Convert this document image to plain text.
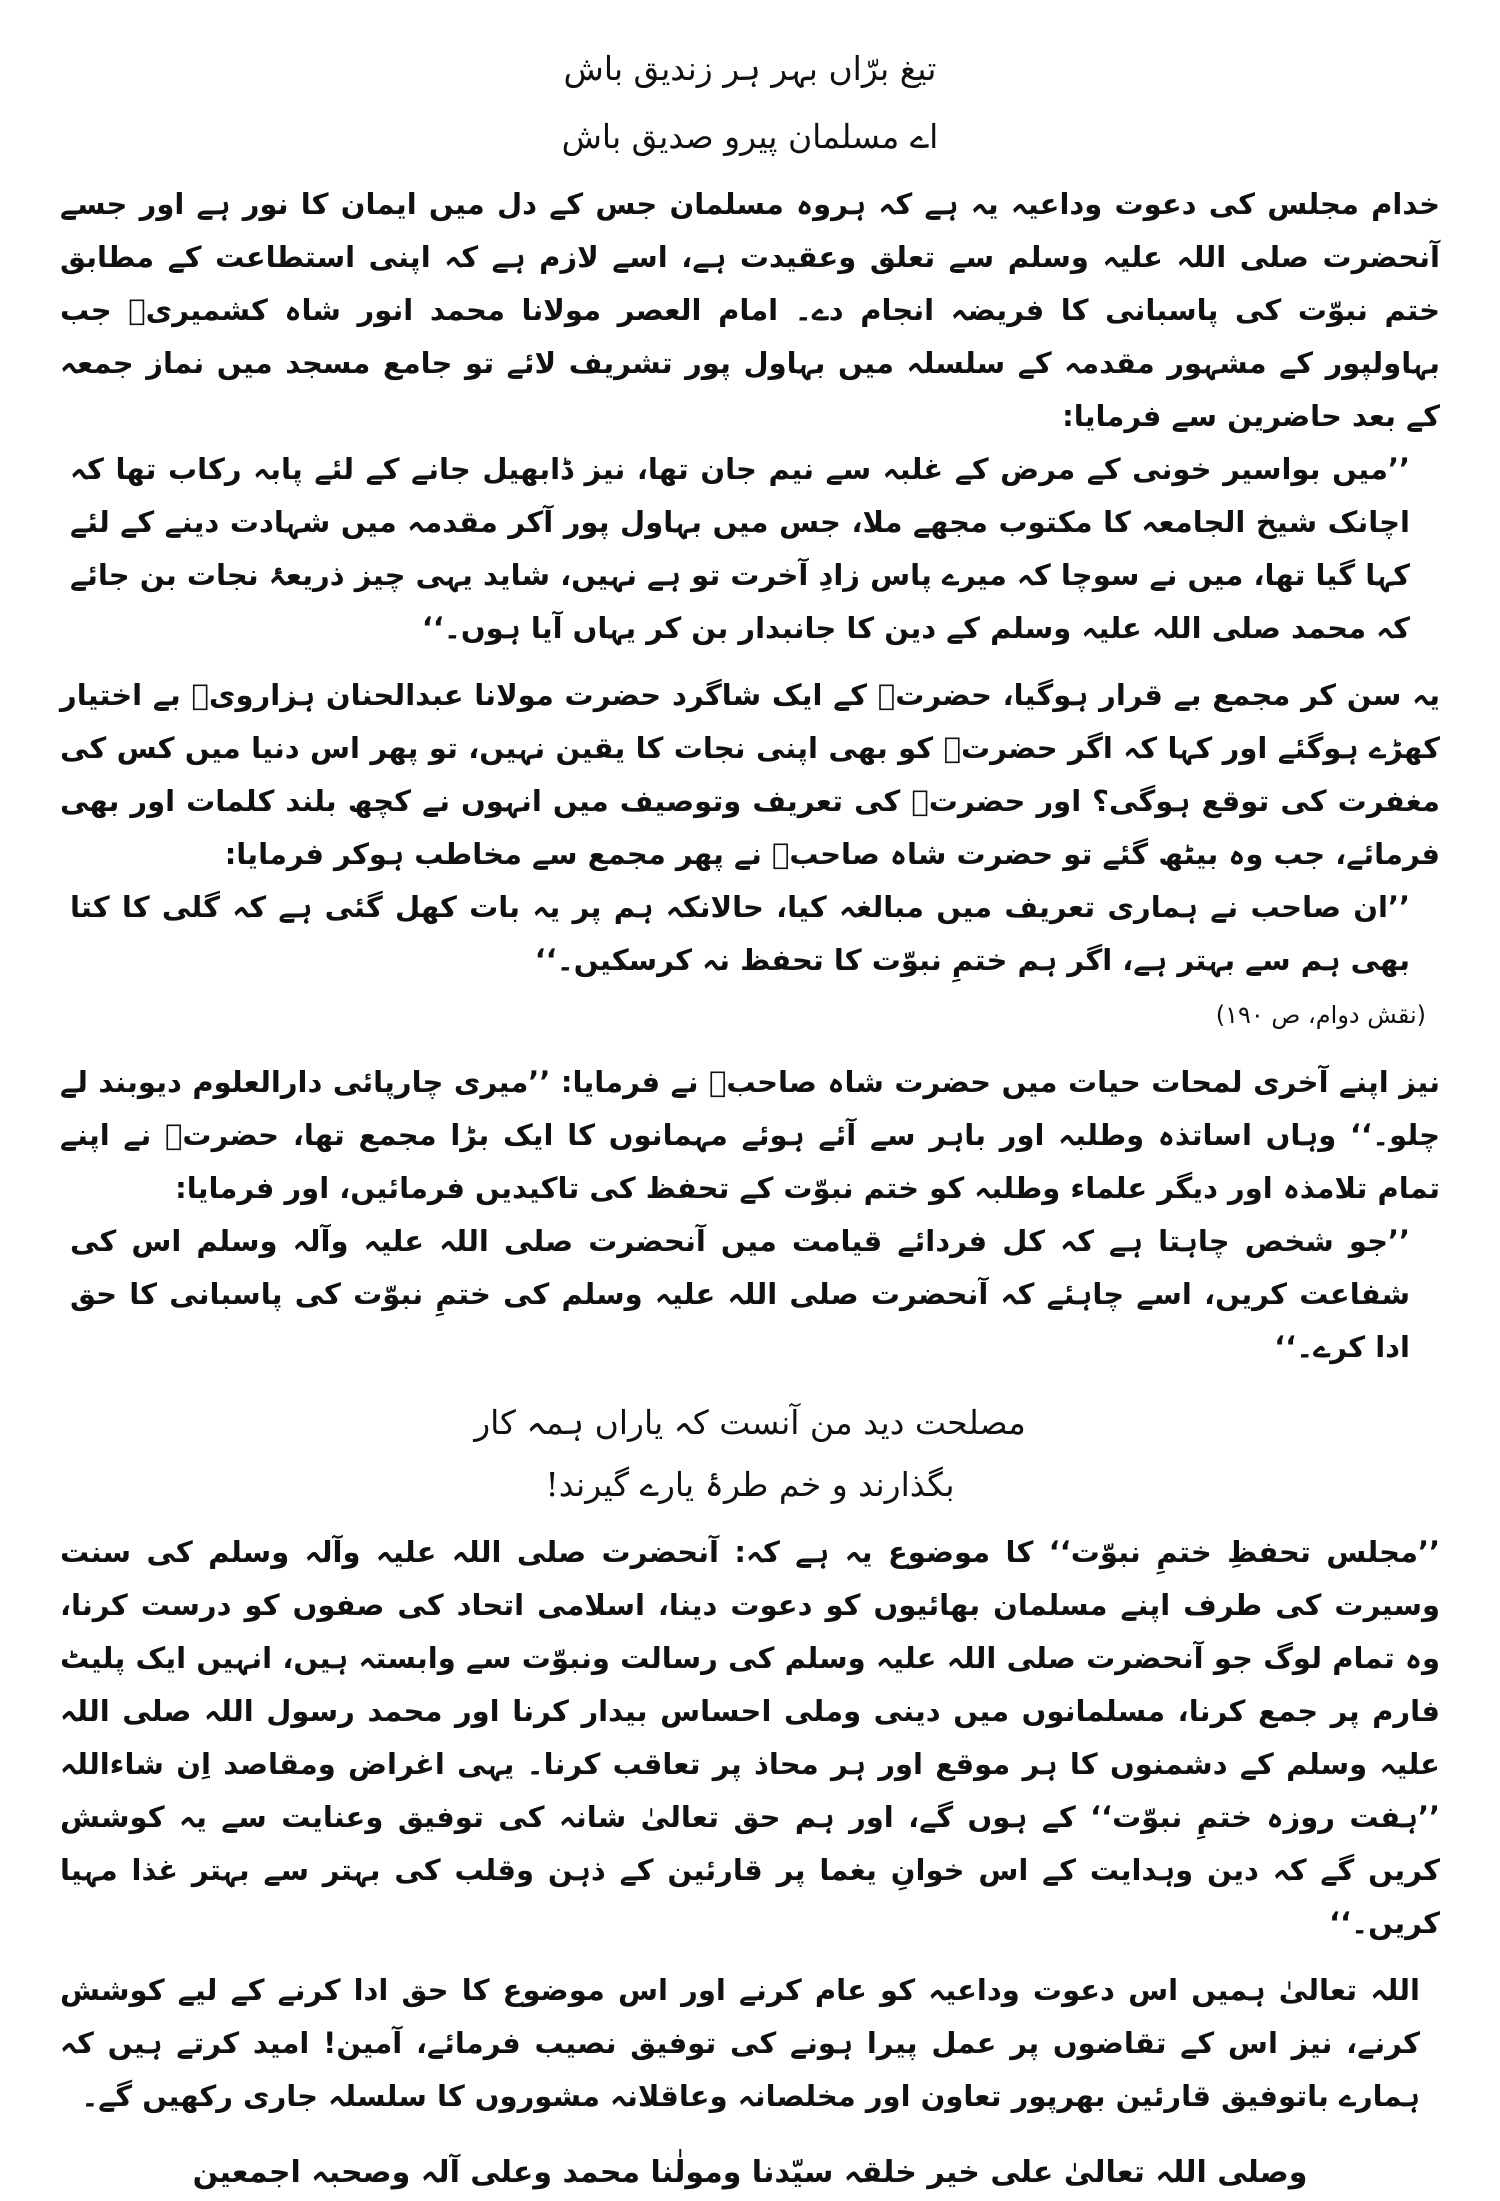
تیغ برّاں بہر ہر زندیق باش

اے مسلمان پیرو صدیق باش

خدام مجلس کی دعوت وداعیہ یہ ہے کہ ہروہ مسلمان جس کے دل میں ایمان کا نور ہے اور جسے آنحضرت صلی اللہ علیہ وسلم سے تعلق وعقیدت ہے، اسے لازم ہے کہ اپنی استطاعت کے مطابق ختم نبوّت کی پاسبانی کا فریضہ انجام دے۔ امام العصر مولانا محمد انور شاہ کشمیریؒ جب بہاولپور کے مشہور مقدمہ کے سلسلہ میں بہاول پور تشریف لائے تو جامع مسجد میں نماز جمعہ کے بعد حاضرین سے فرمایا:

’’میں بواسیر خونی کے مرض کے غلبہ سے نیم جان تھا، نیز ڈابھیل جانے کے لئے پابہ رکاب تھا کہ اچانک شیخ الجامعہ کا مکتوب مجھے ملا، جس میں بہاول پور آکر مقدمہ میں شہادت دینے کے لئے کہا گیا تھا، میں نے سوچا کہ میرے پاس زادِ آخرت تو ہے نہیں، شاید یہی چیز ذریعۂ نجات بن جائے کہ محمد صلی اللہ علیہ وسلم کے دین کا جانبدار بن کر یہاں آیا ہوں۔‘‘

یہ سن کر مجمع بے قرار ہوگیا، حضرتؒ کے ایک شاگرد حضرت مولانا عبدالحنان ہزارویؒ بے اختیار کھڑے ہوگئے اور کہا کہ اگر حضرتؒ کو بھی اپنی نجات کا یقین نہیں، تو پھر اس دنیا میں کس کی مغفرت کی توقع ہوگی؟ اور حضرتؒ کی تعریف وتوصیف میں انہوں نے کچھ بلند کلمات اور بھی فرمائے، جب وہ بیٹھ گئے تو حضرت شاہ صاحبؒ نے پھر مجمع سے مخاطب ہوکر فرمایا:

’’ان صاحب نے ہماری تعریف میں مبالغہ کیا، حالانکہ ہم پر یہ بات کھل گئی ہے کہ گلی کا کتا بھی ہم سے بہتر ہے، اگر ہم ختمِ نبوّت کا تحفظ نہ کرسکیں۔‘‘

(نقش دوام، ص ۱۹۰)

نیز اپنے آخری لمحات حیات میں حضرت شاہ صاحبؒ نے فرمایا: ’’میری چارپائی دارالعلوم دیوبند لے چلو۔‘‘ وہاں اساتذہ وطلبہ اور باہر سے آئے ہوئے مہمانوں کا ایک بڑا مجمع تھا، حضرتؒ نے اپنے تمام تلامذہ اور دیگر علماء وطلبہ کو ختم نبوّت کے تحفظ کی تاکیدیں فرمائیں، اور فرمایا:

’’جو شخص چاہتا ہے کہ کل فردائے قیامت میں آنحضرت صلی اللہ علیہ وآلہ وسلم اس کی شفاعت کریں، اسے چاہئے کہ آنحضرت صلی اللہ علیہ وسلم کی ختمِ نبوّت کی پاسبانی کا حق ادا کرے۔‘‘

مصلحت دید من آنست کہ یاراں ہمہ کار

بگذارند و خم طرۂ یارے گیرند!

’’مجلس تحفظِ ختمِ نبوّت‘‘ کا موضوع یہ ہے کہ: آنحضرت صلی اللہ علیہ وآلہ وسلم کی سنت وسیرت کی طرف اپنے مسلمان بھائیوں کو دعوت دینا، اسلامی اتحاد کی صفوں کو درست کرنا، وہ تمام لوگ جو آنحضرت صلی اللہ علیہ وسلم کی رسالت ونبوّت سے وابستہ ہیں، انہیں ایک پلیٹ فارم پر جمع کرنا، مسلمانوں میں دینی وملی احساس بیدار کرنا اور محمد رسول اللہ صلی اللہ علیہ وسلم کے دشمنوں کا ہر موقع اور ہر محاذ پر تعاقب کرنا۔ یہی اغراض ومقاصد اِن شاءاللہ ’’ہفت روزہ ختمِ نبوّت‘‘ کے ہوں گے، اور ہم حق تعالیٰ شانہ کی توفیق وعنایت سے یہ کوشش کریں گے کہ دین وہدایت کے اس خوانِ یغما پر قارئین کے ذہن وقلب کی بہتر سے بہتر غذا مہیا کریں۔‘‘

اللہ تعالیٰ ہمیں اس دعوت وداعیہ کو عام کرنے اور اس موضوع کا حق ادا کرنے کے لیے کوشش کرنے، نیز اس کے تقاضوں پر عمل پیرا ہونے کی توفیق نصیب فرمائے، آمین! امید کرتے ہیں کہ ہمارے باتوفیق قارئین بھرپور تعاون اور مخلصانہ وعاقلانہ مشوروں کا سلسلہ جاری رکھیں گے۔

وصلی اللہ تعالیٰ علی خیر خلقہ سیّدنا ومولٰنا محمد وعلی آلہ وصحبہ اجمعین
